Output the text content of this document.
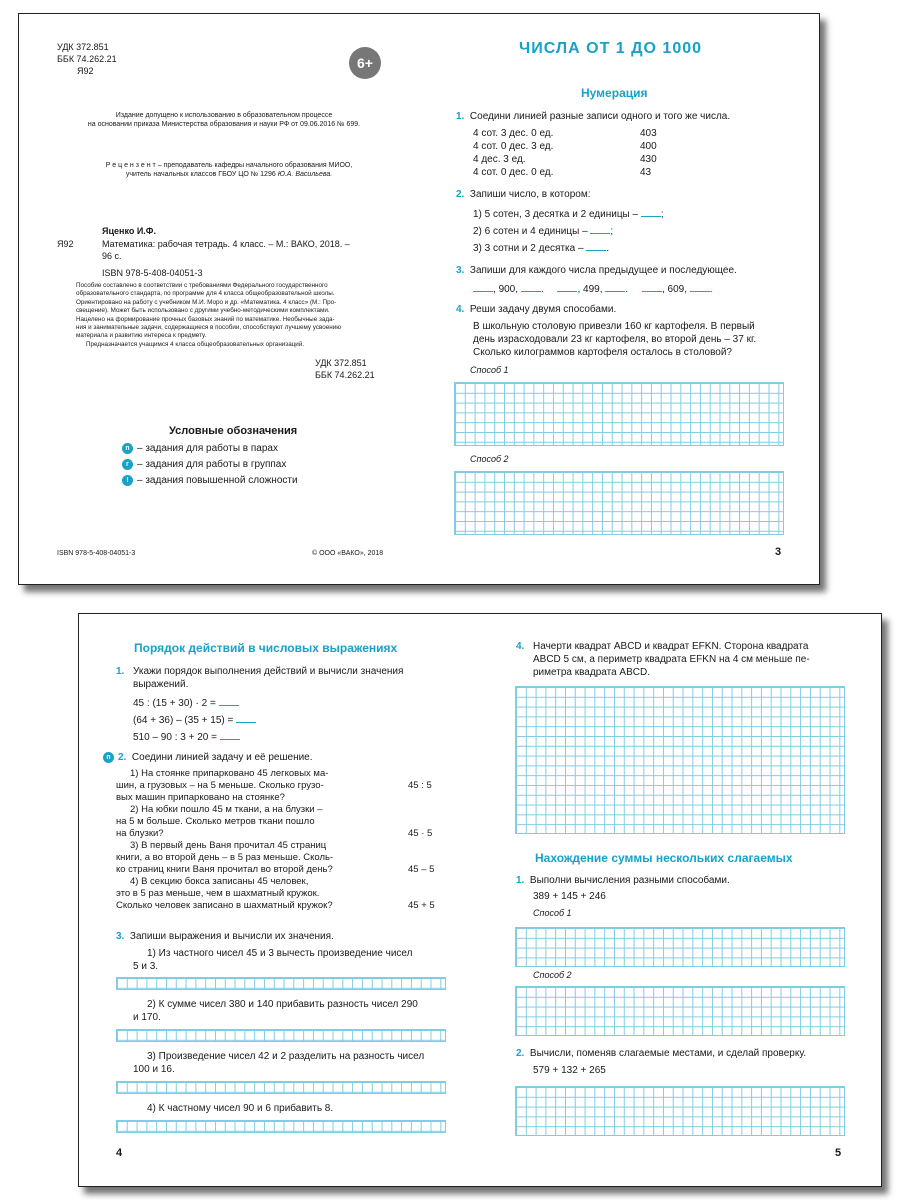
УДК 372.851
ББК 74.262.21
Я92	6+
Издание допущено к использованию в образовательном процессе
на основании приказа Министерства образования и науки РФ от 09.06.2016 № 699.
Р е ц е н з е н т – преподаватель кафедры начального образования МИОО,
учитель начальных классов ГБОУ ЦО № 1296 Ю.А. Васильева.
Яценко И.Ф.
Я92	Математика: рабочая тетрадь. 4 класс. – М.: ВАКО, 2018. –
96 с.
ISBN 978-5-408-04051-3
Пособие составлено в соответствии с требованиями Федерального государственного
образовательного стандарта, по программе для 4 класса общеобразовательной школы.
Ориентировано на работу с учебником М.И. Моро и др. «Математика. 4 класс» (М.: Про-
свещение). Может быть использовано с другими учебно-методическими комплектами.
Нацелено на формирование прочных базовых знаний по математике. Необычные зада-
ния и занимательные задачи, содержащиеся в пособии, способствуют лучшему усвоению
материала и развитию интереса к предмету.
Предназначается учащимся 4 класса общеобразовательных организаций.
УДК 372.851
ББК 74.262.21
Условные обозначения
п – задания для работы в парах
г – задания для работы в группах
! – задания повышенной сложности
ISBN 978-5-408-04051-3	© ООО «ВАКО», 2018
ЧИСЛА ОТ 1 ДО 1000
Нумерация
1. Соедини линией разные записи одного и того же числа.
4 сот. 3 дес. 0 ед.	403
4 сот. 0 дес. 3 ед.	400
4 дес. 3 ед.	430
4 сот. 0 дес. 0 ед.	43
2. Запиши число, в котором:
1) 5 сотен, 3 десятка и 2 единицы – ;
2) 6 сотен и 4 единицы – ;
3) 3 сотни и 2 десятка – .
3. Запиши для каждого числа предыдущее и последующее.
, 900, .     , 499, .     , 609, .
4. Реши задачу двумя способами.
В школьную столовую привезли 160 кг картофеля. В первый
день израсходовали 23 кг картофеля, во второй день – 37 кг.
Сколько килограммов картофеля осталось в столовой?
Способ 1
Способ 2
3
Порядок действий в числовых выражениях
1. Укажи порядок выполнения действий и вычисли значения
выражений.
45 : (15 + 30) · 2 =
(64 + 36) – (35 + 15) =
510 – 90 : 3 + 20 =
п 2. Соедини линией задачу и её решение.
1) На стоянке припарковано 45 легковых ма-
шин, а грузовых – на 5 меньше. Сколько грузо-
вых машин припарковано на стоянке?
45 : 5
2) На юбки пошло 45 м ткани, а на блузки –
на 5 м больше. Сколько метров ткани пошло
на блузки?	45 · 5
3) В первый день Ваня прочитал 45 страниц
книги, а во второй день – в 5 раз меньше. Сколь-
ко страниц книги Ваня прочитал во второй день?	45 – 5
4) В секцию бокса записаны 45 человек,
это в 5 раз меньше, чем в шахматный кружок.
Сколько человек записано в шахматный кружок?	45 + 5
3. Запиши выражения и вычисли их значения.
1) Из частного чисел 45 и 3 вычесть произведение чисел
5 и 3.
2) К сумме чисел 380 и 140 прибавить разность чисел 290
и 170.
3) Произведение чисел 42 и 2 разделить на разность чисел
100 и 16.
4) К частному чисел 90 и 6 прибавить 8.
4
4. Начерти квадрат ABCD и квадрат EFKN. Сторона квадрата
ABCD 5 см, а периметр квадрата EFKN на 4 см меньше пе-
риметра квадрата ABCD.
Нахождение суммы нескольких слагаемых
1. Выполни вычисления разными способами.
389 + 145 + 246
Способ 1
Способ 2
2. Вычисли, поменяв слагаемые местами, и сделай проверку.
579 + 132 + 265
5
